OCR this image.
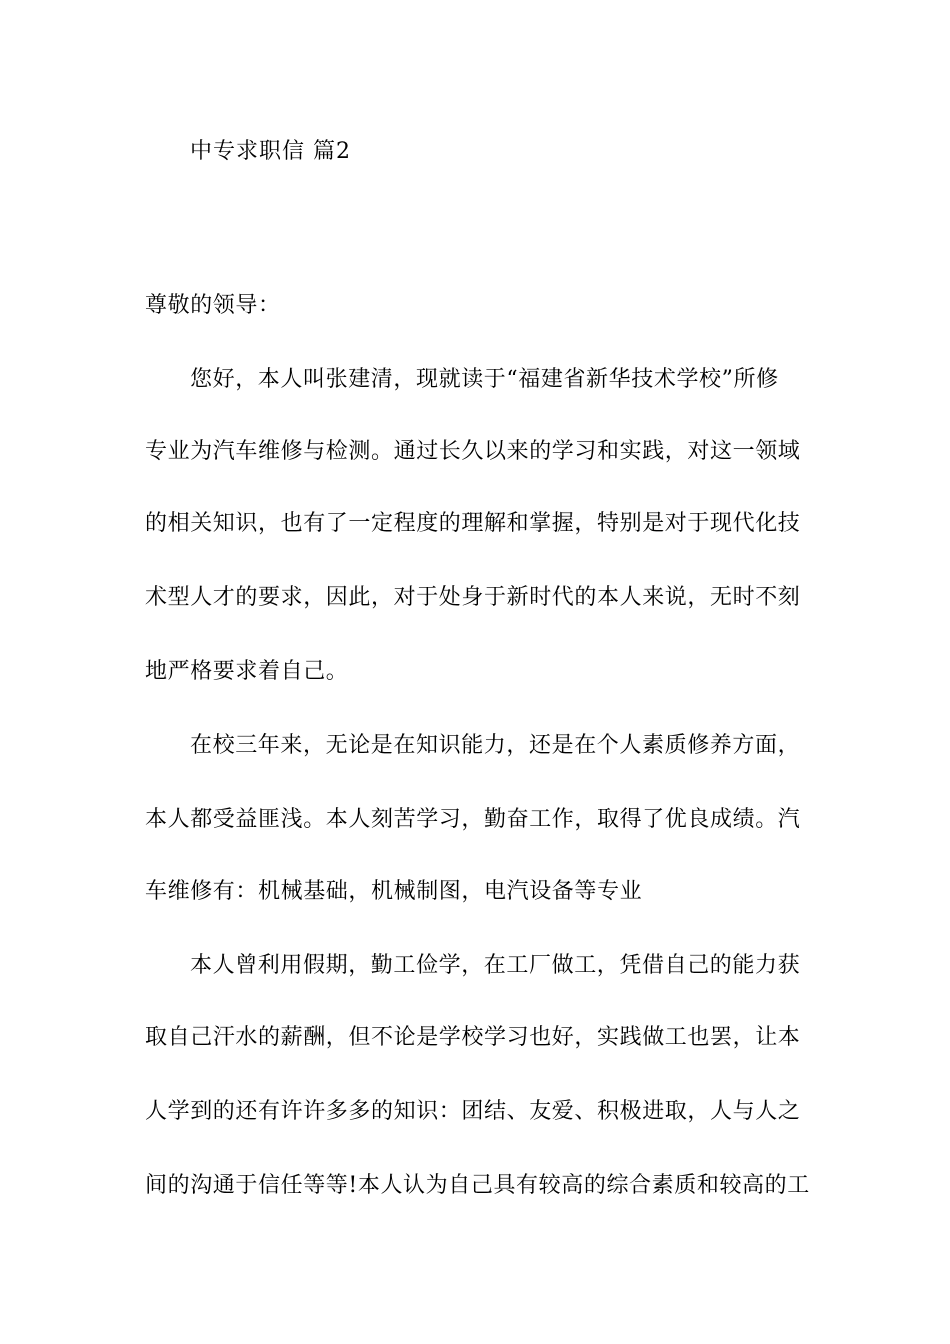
中专求职信 篇2
尊敬的领导：
您好，本人叫张建清，现就读于“福建省新华技术学校”所修
专业为汽车维修与检测。通过长久以来的学习和实践，对这一领域
的相关知识，也有了一定程度的理解和掌握，特别是对于现代化技
术型人才的要求，因此，对于处身于新时代的本人来说，无时不刻
地严格要求着自己。
在校三年来，无论是在知识能力，还是在个人素质修养方面，
本人都受益匪浅。本人刻苦学习，勤奋工作，取得了优良成绩。汽
车维修有：机械基础，机械制图，电汽设备等专业
本人曾利用假期，勤工俭学，在工厂做工，凭借自己的能力获
取自己汗水的薪酬，但不论是学校学习也好，实践做工也罢，让本
人学到的还有许许多多的知识：团结、友爱、积极进取，人与人之
间的沟通于信任等等!本人认为自己具有较高的综合素质和较高的工
